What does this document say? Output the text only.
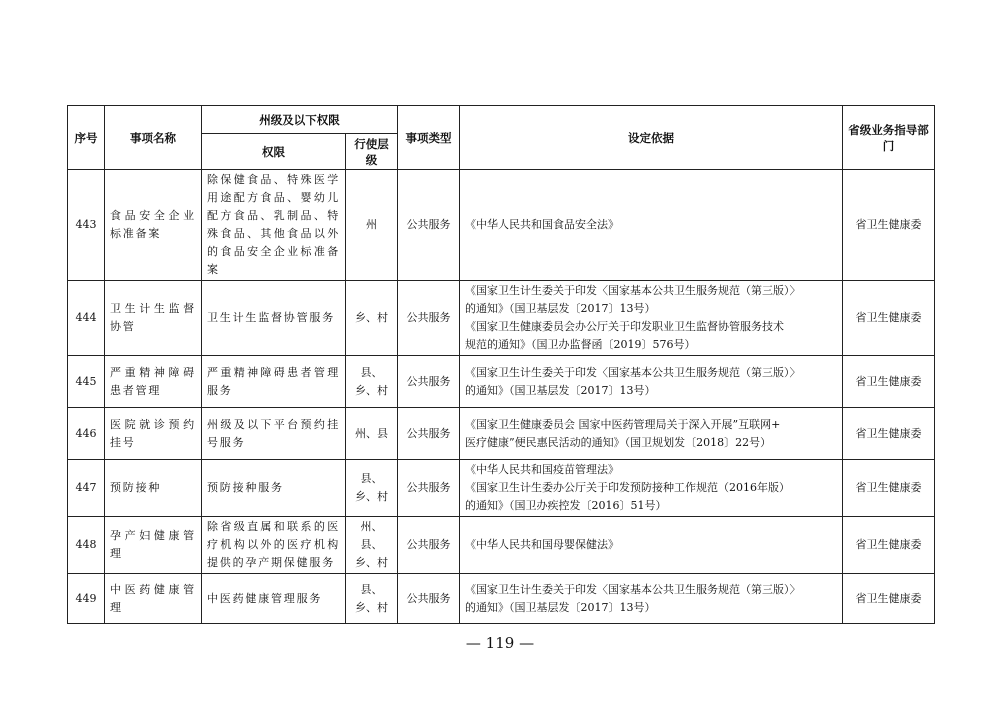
序号	事项名称	州级及以下权限		事项类型	设定依据	省级业务指导部门
		权限	行使层级			
443	食品安全企业标准备案	除保健食品、特殊医学用途配方食品、婴幼儿配方食品、乳制品、特殊食品、其他食品以外的食品安全企业标准备案	州	公共服务	《中华人民共和国食品安全法》	省卫生健康委
444	卫生计生监督协管	卫生计生监督协管服务	乡、村	公共服务	《国家卫生计生委关于印发〈国家基本公共卫生服务规范（第三版）〉
的通知》（国卫基层发〔2017〕13号）
《国家卫生健康委员会办公厅关于印发职业卫生监督协管服务技术
规范的通知》（国卫办监督函〔2019〕576号）	省卫生健康委
445	严重精神障碍患者管理	严重精神障碍患者管理服务	县、乡、村	公共服务	《国家卫生计生委关于印发〈国家基本公共卫生服务规范（第三版）〉
的通知》（国卫基层发〔2017〕13号）	省卫生健康委
446	医院就诊预约挂号	州级及以下平台预约挂号服务	州、县	公共服务	《国家卫生健康委员会 国家中医药管理局关于深入开展”互联网+
医疗健康”便民惠民活动的通知》（国卫规划发〔2018〕22号）	省卫生健康委
447	预防接种	预防接种服务	县、乡、村	公共服务	《中华人民共和国疫苗管理法》
《国家卫生计生委办公厅关于印发预防接种工作规范（2016年版）
的通知》（国卫办疾控发〔2016〕51号）	省卫生健康委
448	孕产妇健康管理	除省级直属和联系的医疗机构以外的医疗机构提供的孕产期保健服务	州、县、乡、村	公共服务	《中华人民共和国母婴保健法》	省卫生健康委
449	中医药健康管理	中医药健康管理服务	县、乡、村	公共服务	《国家卫生计生委关于印发〈国家基本公共卫生服务规范（第三版）〉
的通知》（国卫基层发〔2017〕13号）	省卫生健康委
— 119 —
